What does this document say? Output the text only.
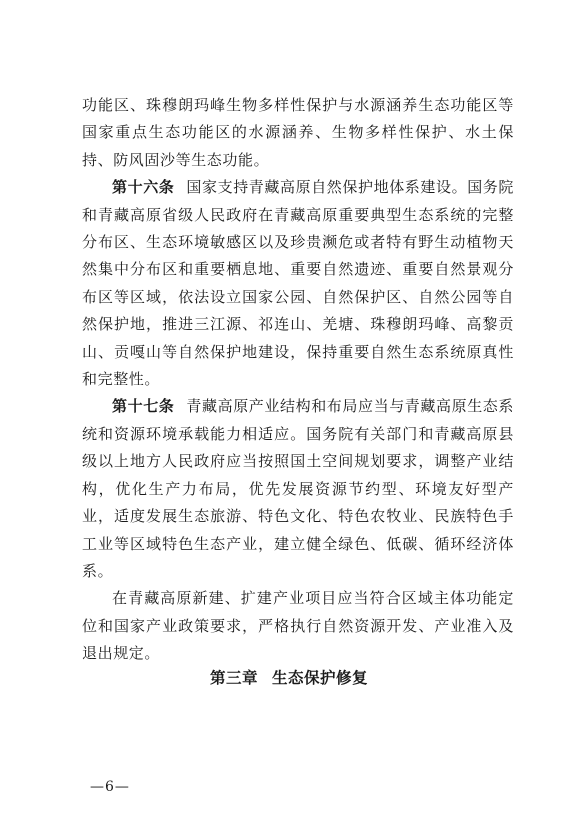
功能区、珠穆朗玛峰生物多样性保护与水源涵养生态功能区等国家重点生态功能区的水源涵养、生物多样性保护、水土保持、防风固沙等生态功能。

第十六条 国家支持青藏高原自然保护地体系建设。国务院和青藏高原省级人民政府在青藏高原重要典型生态系统的完整分布区、生态环境敏感区以及珍贵濒危或者特有野生动植物天然集中分布区和重要栖息地、重要自然遗迹、重要自然景观分布区等区域，依法设立国家公园、自然保护区、自然公园等自然保护地，推进三江源、祁连山、羌塘、珠穆朗玛峰、高黎贡山、贡嘎山等自然保护地建设，保持重要自然生态系统原真性和完整性。

第十七条 青藏高原产业结构和布局应当与青藏高原生态系统和资源环境承载能力相适应。国务院有关部门和青藏高原县级以上地方人民政府应当按照国土空间规划要求，调整产业结构，优化生产力布局，优先发展资源节约型、环境友好型产业，适度发展生态旅游、特色文化、特色农牧业、民族特色手工业等区域特色生态产业，建立健全绿色、低碳、循环经济体系。

在青藏高原新建、扩建产业项目应当符合区域主体功能定位和国家产业政策要求，严格执行自然资源开发、产业准入及退出规定。

第三章 生态保护修复
—6—
